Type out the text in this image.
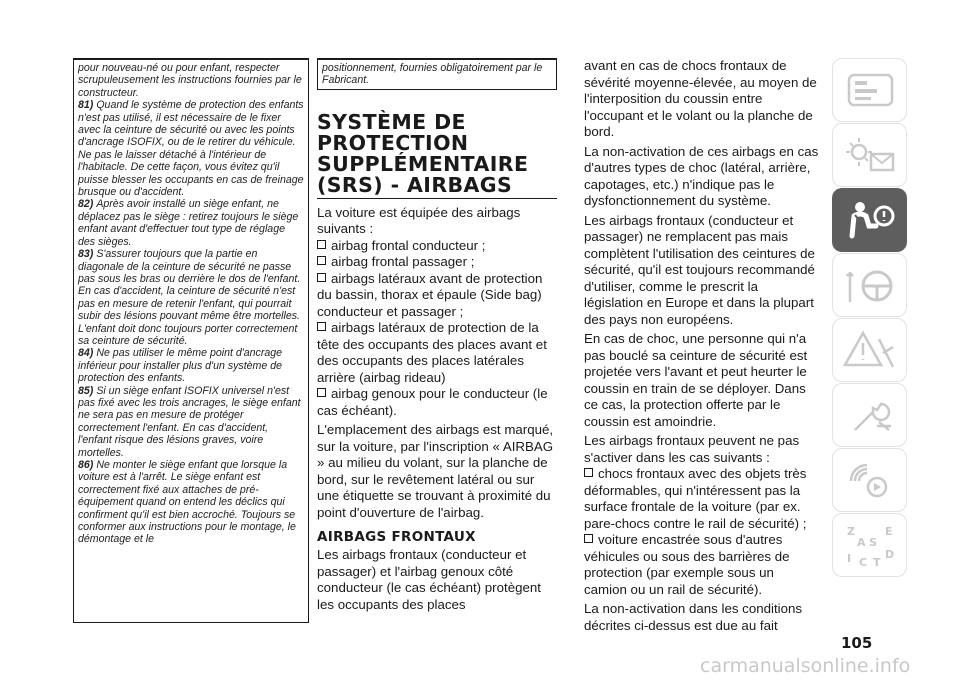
pour nouveau-né ou pour enfant, respecter scrupuleusement les instructions fournies par le constructeur.

81) Quand le système de protection des enfants n'est pas utilisé, il est nécessaire de le fixer avec la ceinture de sécurité ou avec les points d'ancrage ISOFIX, ou de le retirer du véhicule. Ne pas le laisser détaché à l'intérieur de l'habitacle. De cette façon, vous évitez qu'il puisse blesser les occupants en cas de freinage brusque ou d'accident.

82) Après avoir installé un siège enfant, ne déplacez pas le siège : retirez toujours le siège enfant avant d'effectuer tout type de réglage des sièges.

83) S'assurer toujours que la partie en diagonale de la ceinture de sécurité ne passe pas sous les bras ou derrière le dos de l'enfant. En cas d'accident, la ceinture de sécurité n'est pas en mesure de retenir l'enfant, qui pourrait subir des lésions pouvant même être mortelles. L'enfant doit donc toujours porter correctement sa ceinture de sécurité.

84) Ne pas utiliser le même point d'ancrage inférieur pour installer plus d'un système de protection des enfants.

85) Si un siège enfant ISOFIX universel n'est pas fixé avec les trois ancrages, le siège enfant ne sera pas en mesure de protéger correctement l'enfant. En cas d'accident, l'enfant risque des lésions graves, voire mortelles.

86) Ne monter le siège enfant que lorsque la voiture est à l'arrêt. Le siège enfant est correctement fixé aux attaches de pré-équipement quand on entend les déclics qui confirment qu'il est bien accroché. Toujours se conformer aux instructions pour le montage, le démontage et le

positionnement, fournies obligatoirement par le Fabricant.
SYSTÈME DE PROTECTION SUPPLÉMENTAIRE (SRS) - AIRBAGS

La voiture est équipée des airbags suivants :

airbag frontal conducteur ;
airbag frontal passager ;
airbags latéraux avant de protection du bassin, thorax et épaule (Side bag) conducteur et passager ;
airbags latéraux de protection de la tête des occupants des places avant et des occupants des places latérales arrière (airbag rideau)
airbag genoux pour le conducteur (le cas échéant).

L'emplacement des airbags est marqué, sur la voiture, par l'inscription « AIRBAG » au milieu du volant, sur la planche de bord, sur le revêtement latéral ou sur une étiquette se trouvant à proximité du point d'ouverture de l'airbag.

AIRBAGS FRONTAUX

Les airbags frontaux (conducteur et passager) et l'airbag genoux côté conducteur (le cas échéant) protègent les occupants des places

avant en cas de chocs frontaux de sévérité moyenne-élevée, au moyen de l'interposition du coussin entre l'occupant et le volant ou la planche de bord.

La non-activation de ces airbags en cas d'autres types de choc (latéral, arrière, capotages, etc.) n'indique pas le dysfonctionnement du système.

Les airbags frontaux (conducteur et passager) ne remplacent pas mais complètent l'utilisation des ceintures de sécurité, qu'il est toujours recommandé d'utiliser, comme le prescrit la législation en Europe et dans la plupart des pays non européens.

En cas de choc, une personne qui n'a pas bouclé sa ceinture de sécurité est projetée vers l'avant et peut heurter le coussin en train de se déployer. Dans ce cas, la protection offerte par le coussin est amoindrie.

Les airbags frontaux peuvent ne pas s'activer dans les cas suivants :

chocs frontaux avec des objets très déformables, qui n'intéressent pas la surface frontale de la voiture (par ex. pare-chocs contre le rail de sécurité) ;
voiture encastrée sous d'autres véhicules ou sous des barrières de protection (par exemple sous un camion ou un rail de sécurité).

La non-activation dans les conditions décrites ci-dessus est due au fait

Z	E
A S
I C T
D
105
carmanualsonline.info
